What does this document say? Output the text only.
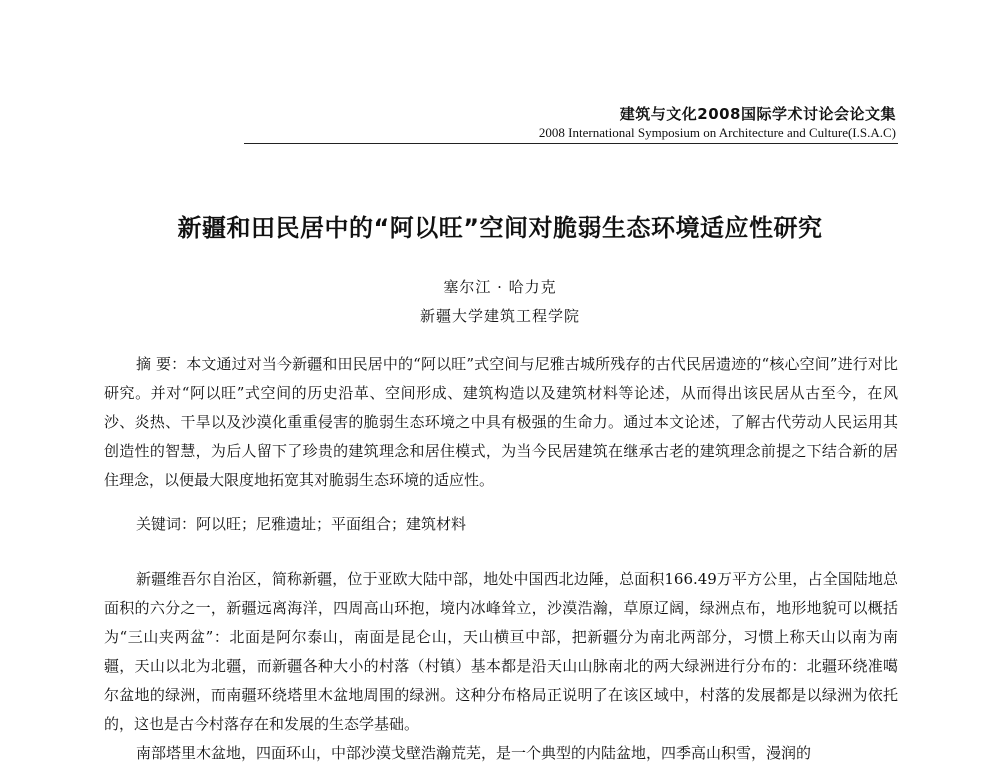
建筑与文化2008国际学术讨论会论文集
2008 International Symposium on Architecture and Culture(I.S.A.C)
新疆和田民居中的“阿以旺”空间对脆弱生态环境适应性研究
塞尔江 · 哈力克
新疆大学建筑工程学院

摘 要：本文通过对当今新疆和田民居中的“阿以旺”式空间与尼雅古城所残存的古代民居遗迹的“核心空间”进行对比研究。并对“阿以旺”式空间的历史沿革、空间形成、建筑构造以及建筑材料等论述，从而得出该民居从古至今，在风沙、炎热、干旱以及沙漠化重重侵害的脆弱生态环境之中具有极强的生命力。通过本文论述，了解古代劳动人民运用其创造性的智慧，为后人留下了珍贵的建筑理念和居住模式，为当今民居建筑在继承古老的建筑理念前提之下结合新的居住理念，以便最大限度地拓宽其对脆弱生态环境的适应性。

关键词：阿以旺；尼雅遗址；平面组合；建筑材料

新疆维吾尔自治区，简称新疆，位于亚欧大陆中部，地处中国西北边陲，总面积166.49万平方公里，占全国陆地总面积的六分之一，新疆远离海洋，四周高山环抱，境内冰峰耸立，沙漠浩瀚，草原辽阔，绿洲点布，地形地貌可以概括为“三山夹两盆”：北面是阿尔泰山，南面是昆仑山，天山横亘中部，把新疆分为南北两部分，习惯上称天山以南为南疆，天山以北为北疆，而新疆各种大小的村落（村镇）基本都是沿天山山脉南北的两大绿洲进行分布的：北疆环绕准噶尔盆地的绿洲，而南疆环绕塔里木盆地周围的绿洲。这种分布格局正说明了在该区域中，村落的发展都是以绿洲为依托的，这也是古今村落存在和发展的生态学基础。

南部塔里木盆地，四面环山，中部沙漠戈壁浩瀚荒芜，是一个典型的内陆盆地，四季高山积雪，漫润的
